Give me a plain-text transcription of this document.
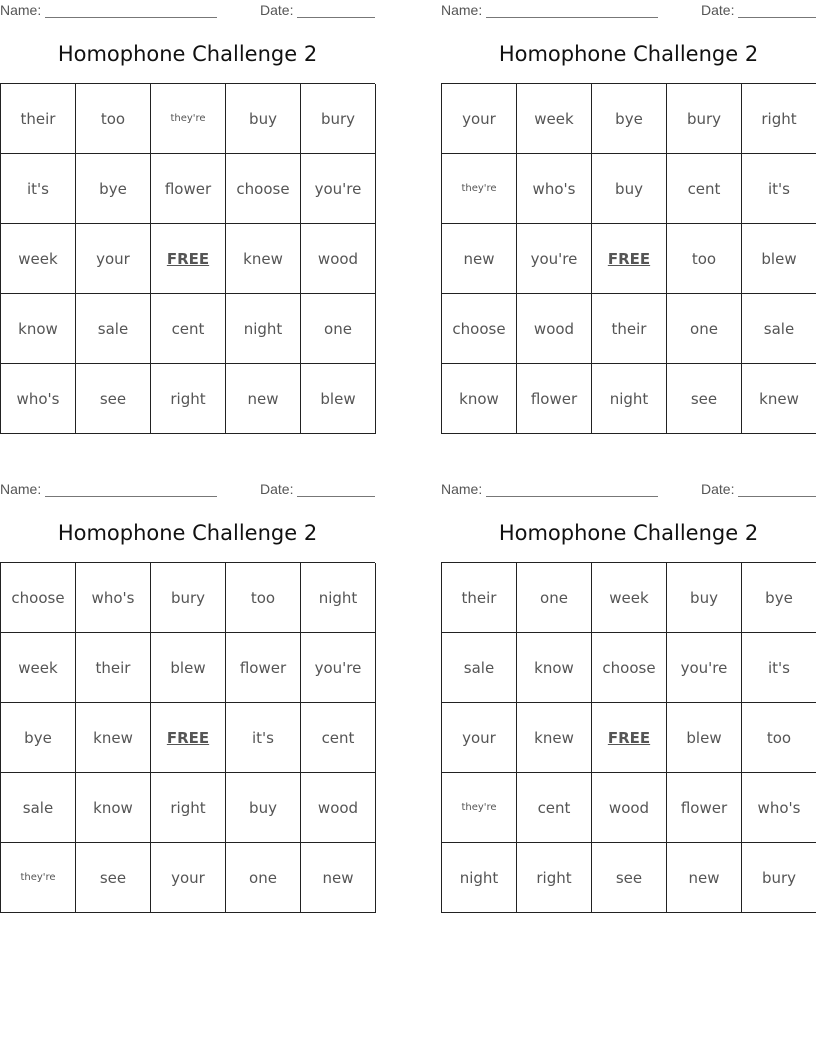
Name:	Date:
Homophone Challenge 2
their	too	they're	buy	bury
it's	bye	flower	choose	you're
week	your	FREE	knew	wood
know	sale	cent	night	one
who's	see	right	new	blew
Name:	Date:
Homophone Challenge 2
your	week	bye	bury	right
they're	who's	buy	cent	it's
new	you're	FREE	too	blew
choose	wood	their	one	sale
know	flower	night	see	knew
Name:	Date:
Homophone Challenge 2
choose	who's	bury	too	night
week	their	blew	flower	you're
bye	knew	FREE	it's	cent
sale	know	right	buy	wood
they're	see	your	one	new
Name:	Date:
Homophone Challenge 2
their	one	week	buy	bye
sale	know	choose	you're	it's
your	knew	FREE	blew	too
they're	cent	wood	flower	who's
night	right	see	new	bury
